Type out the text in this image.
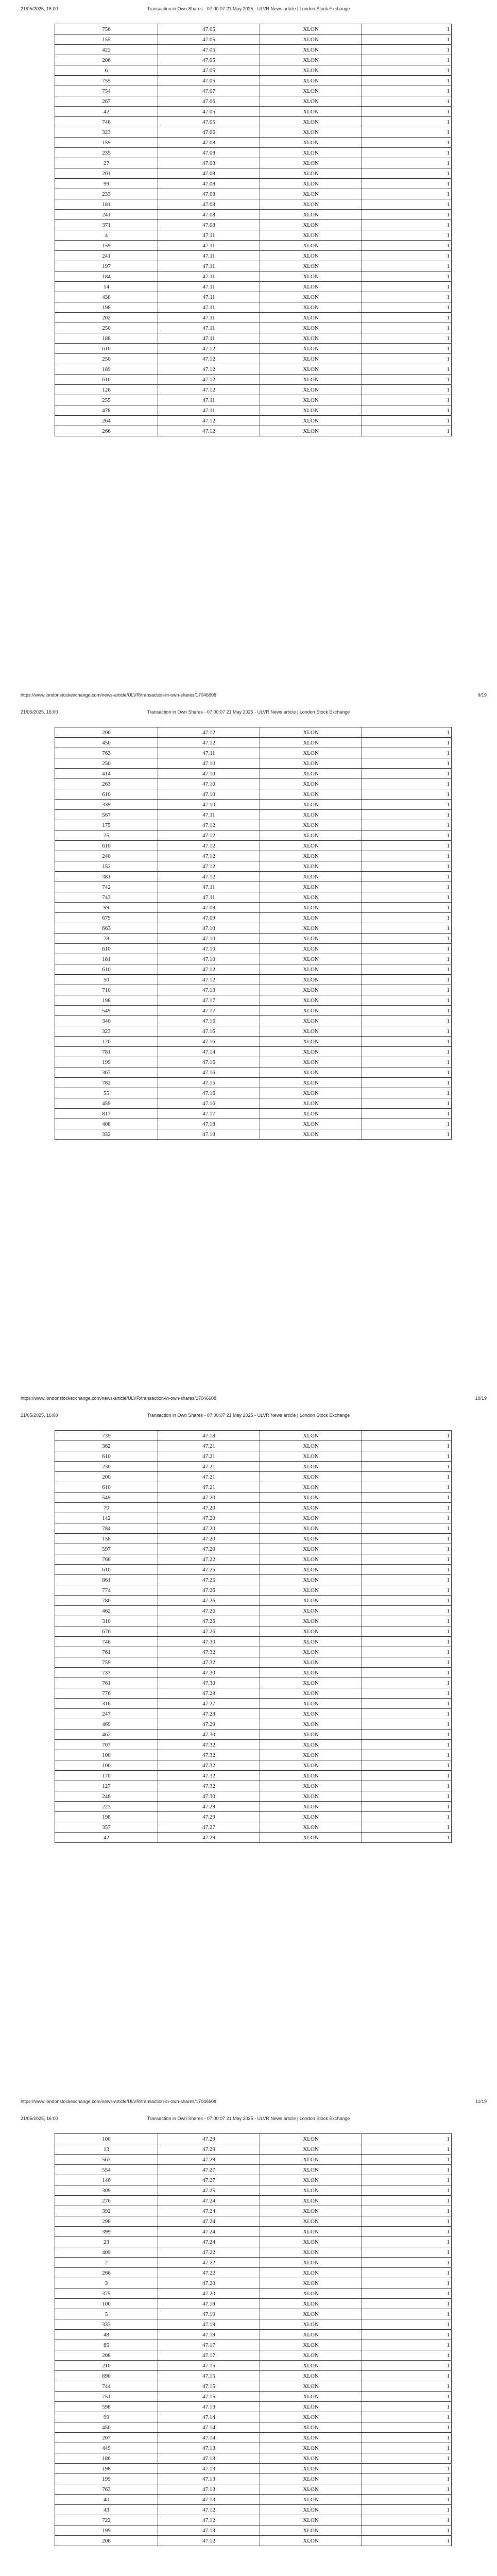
Transaction in Own Shares - 07:00:07 21 May 2025 - ULVR News article | London Stock Exchange
21/05/2025, 16:00
756	47.05	XLON	1
155	47.05	XLON	1
422	47.05	XLON	1
206	47.05	XLON	1
6	47.05	XLON	1
755	47.05	XLON	1
754	47.07	XLON	1
267	47.06	XLON	1
42	47.05	XLON	1
746	47.05	XLON	1
323	47.06	XLON	1
159	47.08	XLON	1
235	47.08	XLON	1
27	47.08	XLON	1
201	47.08	XLON	1
99	47.08	XLON	1
233	47.08	XLON	1
181	47.08	XLON	1
241	47.08	XLON	1
371	47.08	XLON	1
4	47.11	XLON	1
159	47.11	XLON	1
241	47.11	XLON	1
197	47.11	XLON	1
184	47.11	XLON	1
14	47.11	XLON	1
438	47.11	XLON	1
198	47.11	XLON	1
202	47.11	XLON	1
250	47.11	XLON	1
188	47.11	XLON	1
610	47.12	XLON	1
250	47.12	XLON	1
189	47.12	XLON	1
610	47.12	XLON	1
126	47.12	XLON	1
255	47.11	XLON	1
478	47.11	XLON	1
264	47.12	XLON	1
266	47.12	XLON	1
https://www.londonstockexchange.com/news-article/ULVR/transaction-in-own-shares/17046608	9/19
Transaction in Own Shares - 07:00:07 21 May 2025 - ULVR News article | London Stock Exchange
21/05/2025, 16:00
200	47.12	XLON	1
450	47.12	XLON	1
763	47.11	XLON	1
250	47.10	XLON	1
414	47.10	XLON	1
263	47.10	XLON	1
610	47.10	XLON	1
339	47.10	XLON	1
567	47.11	XLON	1
175	47.12	XLON	1
25	47.12	XLON	1
610	47.12	XLON	1
240	47.12	XLON	1
152	47.12	XLON	1
381	47.12	XLON	1
742	47.11	XLON	1
743	47.11	XLON	1
99	47.09	XLON	1
679	47.09	XLON	1
663	47.10	XLON	1
78	47.10	XLON	1
610	47.10	XLON	1
181	47.10	XLON	1
610	47.12	XLON	1
50	47.12	XLON	1
710	47.13	XLON	1
198	47.17	XLON	1
549	47.17	XLON	1
340	47.16	XLON	1
323	47.16	XLON	1
120	47.16	XLON	1
781	47.14	XLON	1
199	47.16	XLON	1
367	47.16	XLON	1
782	47.15	XLON	1
55	47.16	XLON	1
459	47.16	XLON	1
817	47.17	XLON	1
408	47.18	XLON	1
332	47.18	XLON	1
https://www.londonstockexchange.com/news-article/ULVR/transaction-in-own-shares/17046608	10/19
Transaction in Own Shares - 07:00:07 21 May 2025 - ULVR News article | London Stock Exchange
21/05/2025, 16:00
739	47.18	XLON	1
362	47.21	XLON	1
610	47.21	XLON	1
230	47.21	XLON	1
200	47.21	XLON	1
610	47.21	XLON	1
549	47.20	XLON	1
70	47.20	XLON	1
142	47.20	XLON	1
784	47.20	XLON	1
158	47.20	XLON	1
597	47.20	XLON	1
766	47.22	XLON	1
610	47.25	XLON	1
861	47.25	XLON	1
774	47.26	XLON	1
780	47.26	XLON	1
462	47.26	XLON	1
310	47.26	XLON	1
676	47.26	XLON	1
746	47.30	XLON	1
761	47.32	XLON	1
759	47.32	XLON	1
737	47.30	XLON	1
761	47.30	XLON	1
776	47.28	XLON	1
316	47.27	XLON	1
247	47.28	XLON	1
469	47.29	XLON	1
462	47.30	XLON	1
707	47.32	XLON	1
100	47.32	XLON	1
100	47.32	XLON	1
170	47.32	XLON	1
127	47.32	XLON	1
246	47.30	XLON	1
223	47.29	XLON	1
198	47.29	XLON	1
357	47.27	XLON	1
42	47.29	XLON	1
https://www.londonstockexchange.com/news-article/ULVR/transaction-in-own-shares/17046608	11/19
Transaction in Own Shares - 07:00:07 21 May 2025 - ULVR News article | London Stock Exchange
21/05/2025, 16:00
100	47.29	XLON	1
13	47.29	XLON	1
563	47.29	XLON	1
554	47.27	XLON	1
146	47.27	XLON	1
309	47.25	XLON	1
276	47.24	XLON	1
392	47.24	XLON	1
298	47.24	XLON	1
399	47.24	XLON	1
23	47.24	XLON	1
409	47.22	XLON	1
2	47.22	XLON	1
266	47.22	XLON	1
3	47.20	XLON	1
375	47.20	XLON	1
100	47.19	XLON	1
5	47.19	XLON	1
333	47.19	XLON	1
48	47.19	XLON	1
85	47.17	XLON	1
208	47.17	XLON	1
210	47.15	XLON	1
690	47.15	XLON	1
744	47.15	XLON	1
751	47.15	XLON	1
598	47.13	XLON	1
99	47.14	XLON	1
450	47.14	XLON	1
207	47.14	XLON	1
449	47.13	XLON	1
186	47.13	XLON	1
198	47.13	XLON	1
199	47.13	XLON	1
763	47.13	XLON	1
40	47.13	XLON	1
43	47.12	XLON	1
722	47.12	XLON	1
199	47.13	XLON	1
206	47.12	XLON	1
